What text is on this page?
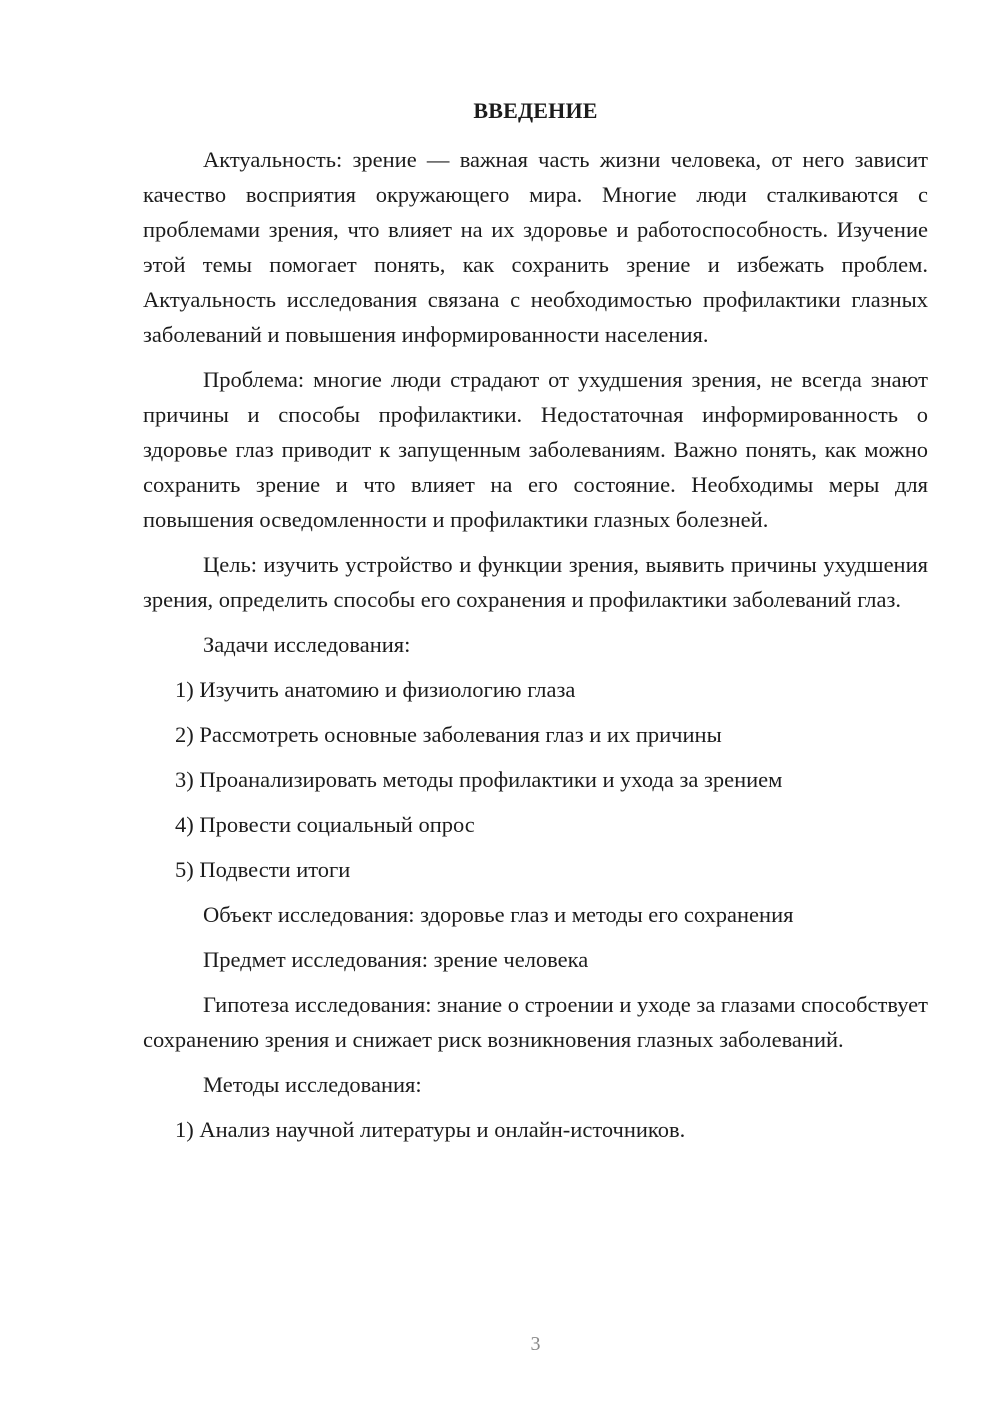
ВВЕДЕНИЕ

Актуальность: зрение — важная часть жизни человека, от него зависит качество восприятия окружающего мира. Многие люди сталкиваются с проблемами зрения, что влияет на их здоровье и работоспособность. Изучение этой темы помогает понять, как сохранить зрение и избежать проблем. Актуальность исследования связана с необходимостью профилактики глазных заболеваний и повышения информированности населения.

Проблема: многие люди страдают от ухудшения зрения, не всегда знают причины и способы профилактики. Недостаточная информированность о здоровье глаз приводит к запущенным заболеваниям. Важно понять, как можно сохранить зрение и что влияет на его состояние. Необходимы меры для повышения осведомленности и профилактики глазных болезней.

Цель: изучить устройство и функции зрения, выявить причины ухудшения зрения, определить способы его сохранения и профилактики заболеваний глаз.

Задачи исследования:

1) Изучить анатомию и физиологию глаза

2) Рассмотреть основные заболевания глаз и их причины

3) Проанализировать методы профилактики и ухода за зрением

4) Провести социальный опрос

5) Подвести итоги

Объект исследования: здоровье глаз и методы его сохранения

Предмет исследования: зрение человека

Гипотеза исследования: знание о строении и уходе за глазами способствует сохранению зрения и снижает риск возникновения глазных заболеваний.

Методы исследования:

1) Анализ научной литературы и онлайн-источников.

3
